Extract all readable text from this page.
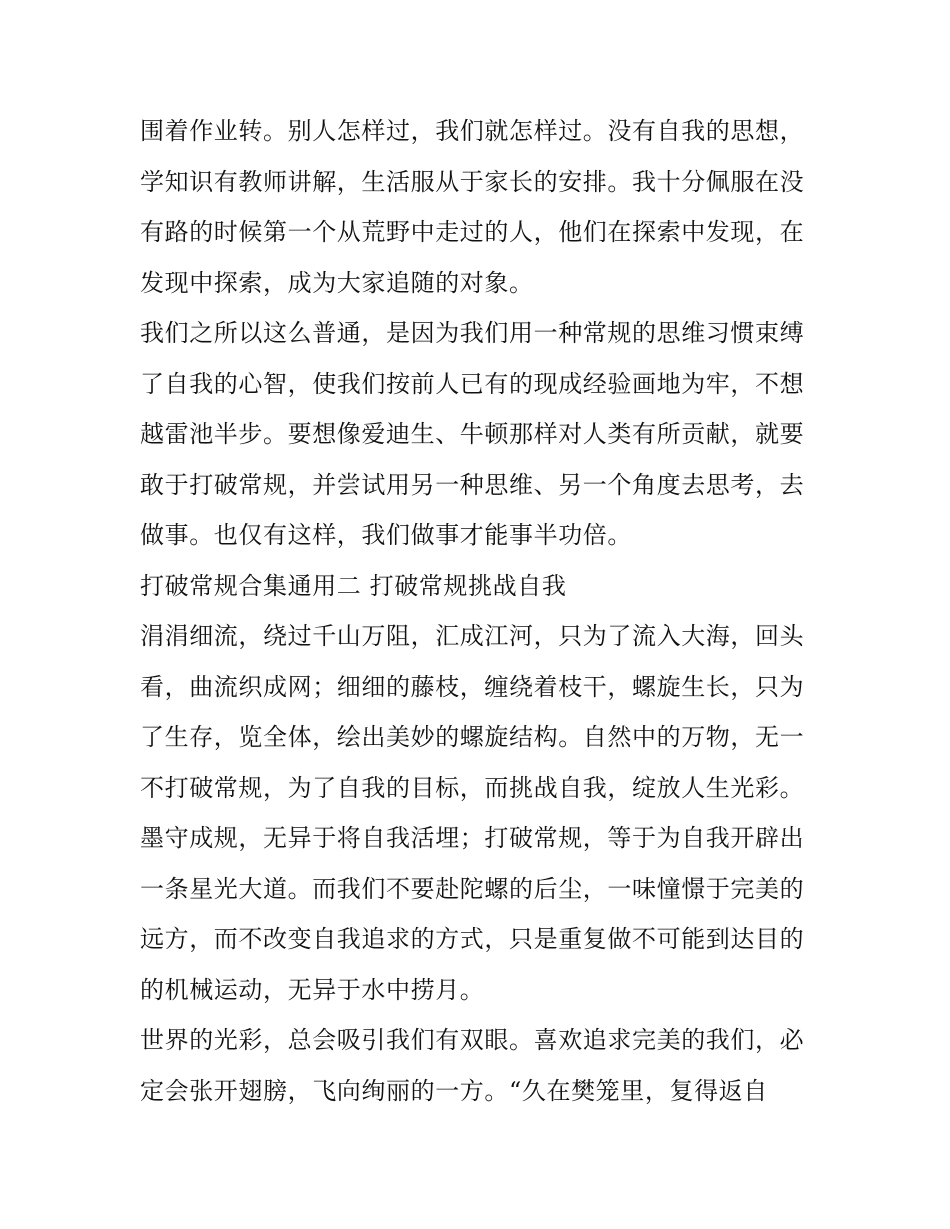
围着作业转。别人怎样过，我们就怎样过。没有自我的思想，
学知识有教师讲解，生活服从于家长的安排。我十分佩服在没
有路的时候第一个从荒野中走过的人，他们在探索中发现，在
发现中探索，成为大家追随的对象。
我们之所以这么普通，是因为我们用一种常规的思维习惯束缚
了自我的心智，使我们按前人已有的现成经验画地为牢，不想
越雷池半步。要想像爱迪生、牛顿那样对人类有所贡献，就要
敢于打破常规，并尝试用另一种思维、另一个角度去思考，去
做事。也仅有这样，我们做事才能事半功倍。
打破常规合集通用二 打破常规挑战自我
涓涓细流，绕过千山万阻，汇成江河，只为了流入大海，回头
看，曲流织成网；细细的藤枝，缠绕着枝干，螺旋生长，只为
了生存，览全体，绘出美妙的螺旋结构。自然中的万物，无一
不打破常规，为了自我的目标，而挑战自我，绽放人生光彩。
墨守成规，无异于将自我活埋；打破常规，等于为自我开辟出
一条星光大道。而我们不要赴陀螺的后尘，一味憧憬于完美的
远方，而不改变自我追求的方式，只是重复做不可能到达目的
的机械运动，无异于水中捞月。
世界的光彩，总会吸引我们有双眼。喜欢追求完美的我们，必
定会张开翅膀，飞向绚丽的一方。“久在樊笼里，复得返自
